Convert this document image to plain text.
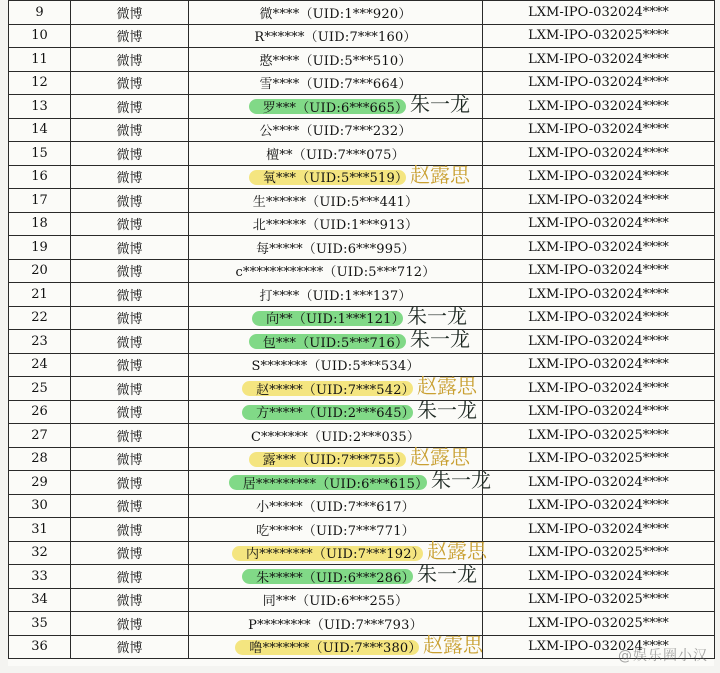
9	微博	微****（UID:1***920）	LXM-IPO-032024****
10	微博	R******（UID:7***160）	LXM-IPO-032025****
11	微博	憨****（UID:5***510）	LXM-IPO-032024****
12	微博	雪****（UID:7***664）	LXM-IPO-032024****
13	微博	罗***（UID:6***665） 朱一龙	LXM-IPO-032024****
14	微博	公****（UID:7***232）	LXM-IPO-032024****
15	微博	檀**（UID:7***075）	LXM-IPO-032024****
16	微博	氧***（UID:5***519） 赵露思	LXM-IPO-032024****
17	微博	生******（UID:5***441）	LXM-IPO-032024****
18	微博	北******（UID:1***913）	LXM-IPO-032024****
19	微博	每*****（UID:6***995）	LXM-IPO-032024****
20	微博	c************（UID:5***712）	LXM-IPO-032024****
21	微博	打****（UID:1***137）	LXM-IPO-032024****
22	微博	向**（UID:1***121） 朱一龙	LXM-IPO-032024****
23	微博	包***（UID:5***716） 朱一龙	LXM-IPO-032024****
24	微博	S*******（UID:5***534）	LXM-IPO-032024****
25	微博	赵*****（UID:7***542） 赵露思	LXM-IPO-032024****
26	微博	方*****（UID:2***645） 朱一龙	LXM-IPO-032024****
27	微博	C*******（UID:2***035）	LXM-IPO-032025****
28	微博	露***（UID:7***755） 赵露思	LXM-IPO-032025****
29	微博	居*********（UID:6***615） 朱一龙	LXM-IPO-032024****
30	微博	小*****（UID:7***617）	LXM-IPO-032024****
31	微博	吃*****（UID:7***771）	LXM-IPO-032024****
32	微博	内********（UID:7***192） 赵露思	LXM-IPO-032025****
33	微博	朱*****（UID:6***286） 朱一龙	LXM-IPO-032024****
34	微博	同***（UID:6***255）	LXM-IPO-032025****
35	微博	P********（UID:7***793）	LXM-IPO-032025****
36	微博	噜*******（UID:7***380） 赵露思	LXM-IPO-032024****
@娱乐圈小汉
